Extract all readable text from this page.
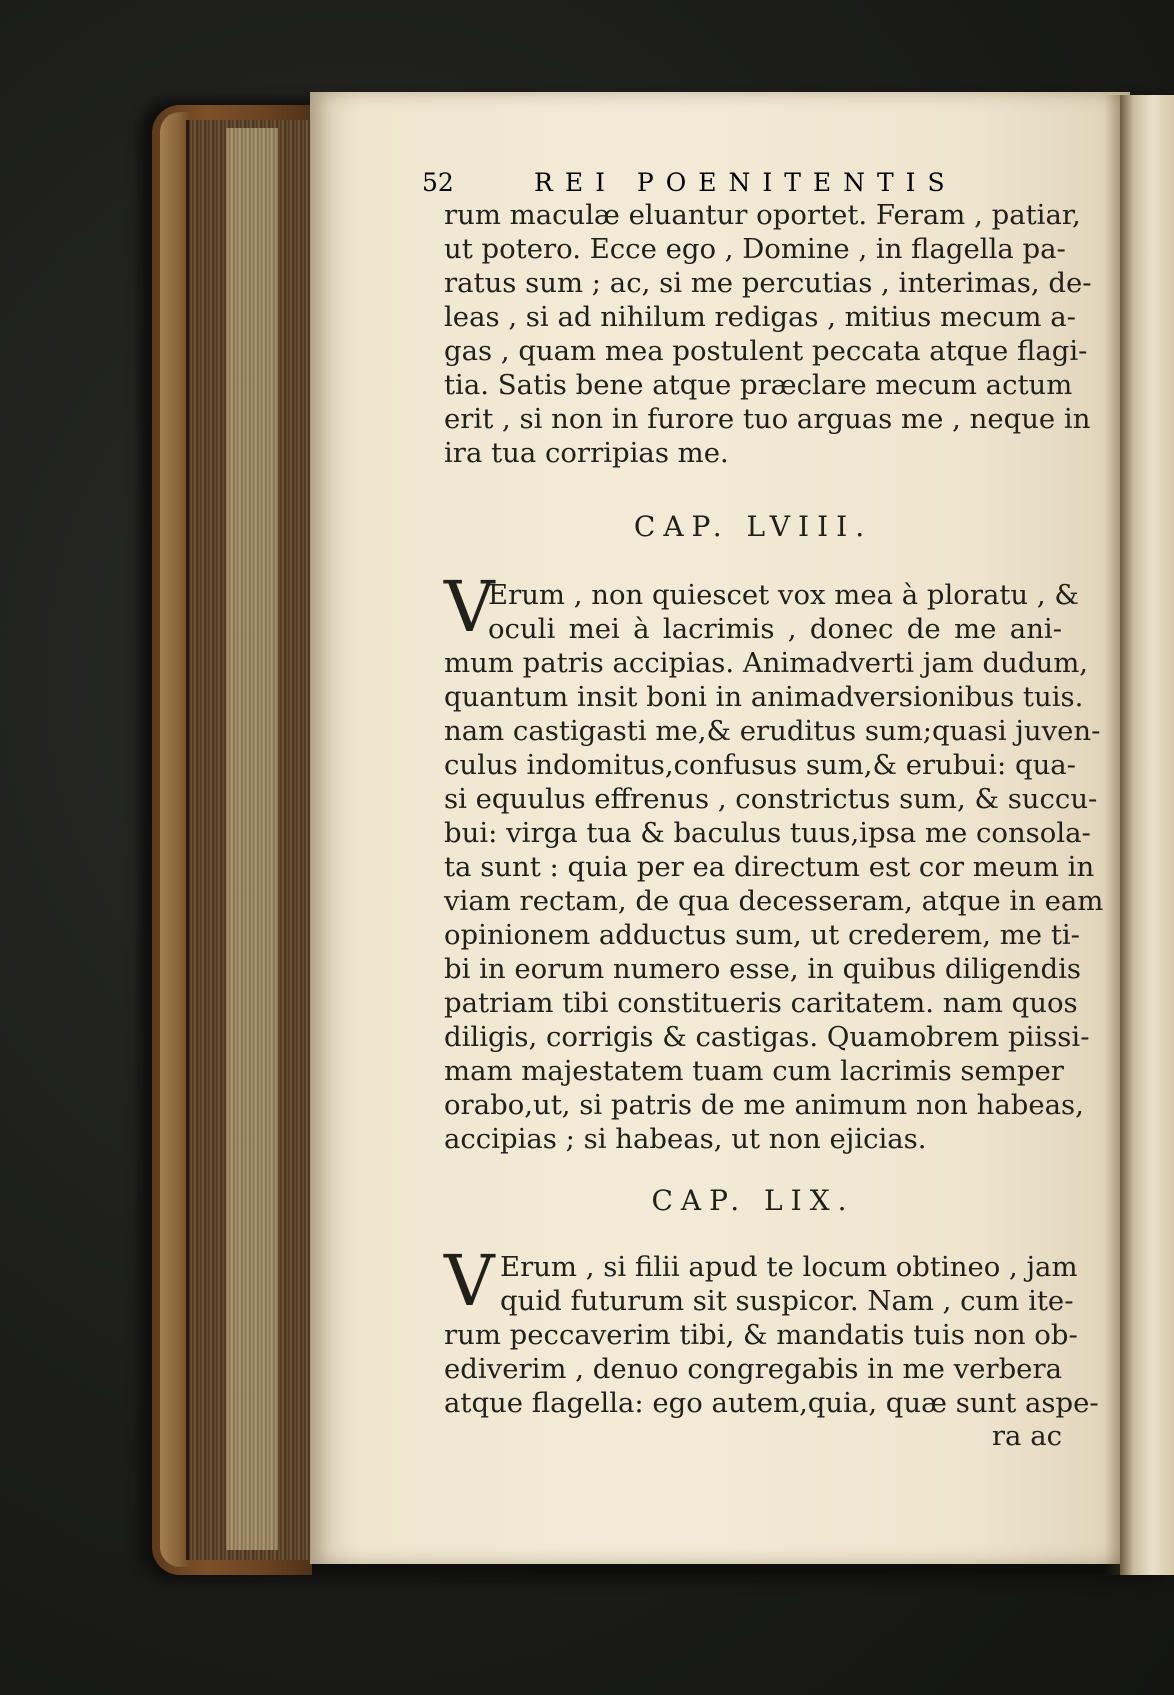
52	REI POENITENTIS
rum maculæ eluantur oportet. Feram , patiar,
ut potero. Ecce ego , Domine , in flagella pa-
ratus sum ; ac, si me percutias , interimas, de-
leas , si ad nihilum redigas , mitius mecum a-
gas , quam mea postulent peccata atque flagi-
tia. Satis bene atque præclare mecum actum
erit , si non in furore tuo arguas me , neque in
ira tua corripias me.
CAP. LVIII.
V
Erum , non quiescet vox mea à ploratu , &
oculi mei à lacrimis , donec de me ani-
mum patris accipias. Animadverti jam dudum,
quantum insit boni in animadversionibus tuis.
nam castigasti me,& eruditus sum;quasi juven-
culus indomitus,confusus sum,& erubui: qua-
si equulus effrenus , constrictus sum, & succu-
bui: virga tua & baculus tuus,ipsa me consola-
ta sunt : quia per ea directum est cor meum in
viam rectam, de qua decesseram, atque in eam
opinionem adductus sum, ut crederem, me ti-
bi in eorum numero esse, in quibus diligendis
patriam tibi constitueris caritatem. nam quos
diligis, corrigis & castigas. Quamobrem piissi-
mam majestatem tuam cum lacrimis semper
orabo,ut, si patris de me animum non habeas,
accipias ; si habeas, ut non ejicias.
CAP. LIX.
V Erum , si filii apud te locum obtineo , jam
quid futurum sit suspicor. Nam , cum ite-
rum peccaverim tibi, & mandatis tuis non ob-
ediverim , denuo congregabis in me verbera
atque flagella: ego autem,quia, quæ sunt aspe-
ra ac
